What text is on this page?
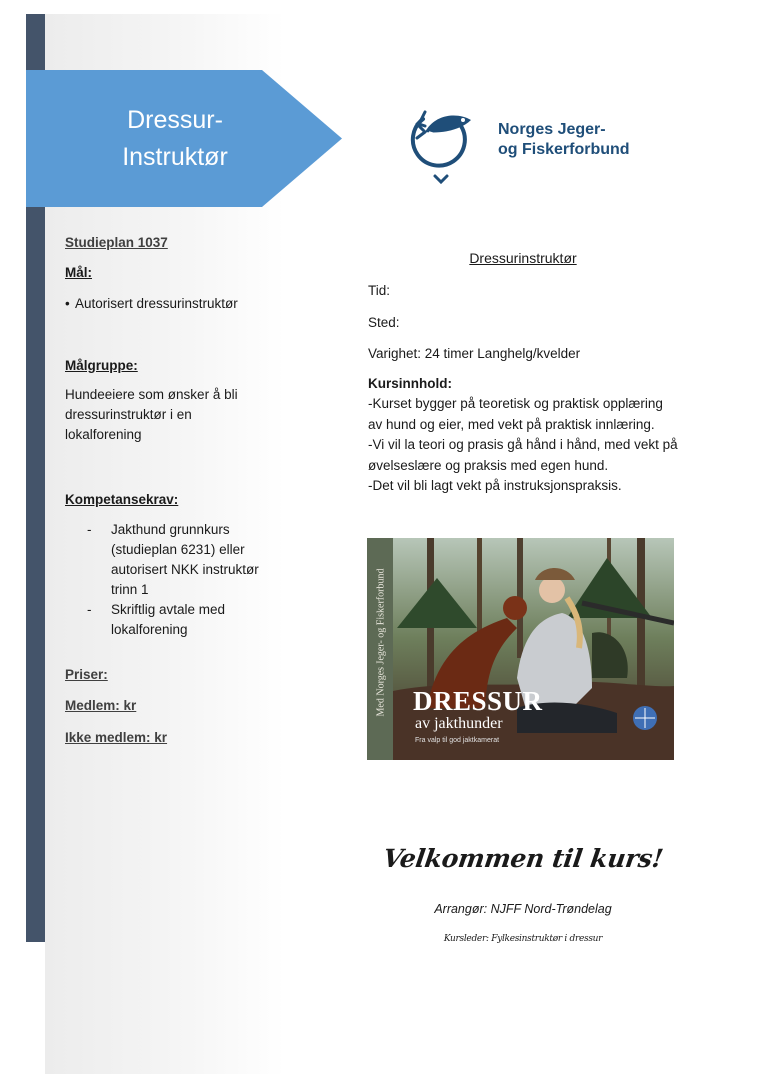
Dressur-
Instruktør
Studieplan 1037
Mål:
• Autorisert dressurinstruktør
Målgruppe:
Hundeeiere som ønsker å bli dressurinstruktør i en lokalforening
Kompetansekrav:
- Jakthund grunnkurs (studieplan 6231) eller autorisert NKK instruktør trinn 1
- Skriftlig avtale med lokalforening
Priser:
Medlem: kr
Ikke medlem: kr
Norges Jeger-
og Fiskerforbund
Dressurinstruktør
Tid:
Sted:
Varighet: 24 timer Langhelg/kvelder
Kursinnhold:
-Kurset bygger på teoretisk og praktisk opplæring av hund og eier, med vekt på praktisk innlæring.
-Vi vil la teori og prasis gå hånd i hånd, med vekt på øvelseslære og praksis med egen hund.
-Det vil bli lagt vekt på instruksjonspraksis.
Med Norges Jeger- og Fiskerforbund DRESSUR
av jakthunder
Fra valp til god jaktkamerat
Velkommen til kurs!
Arrangør: NJFF Nord-Trøndelag
Kursleder: Fylkesinstruktør i dressur
